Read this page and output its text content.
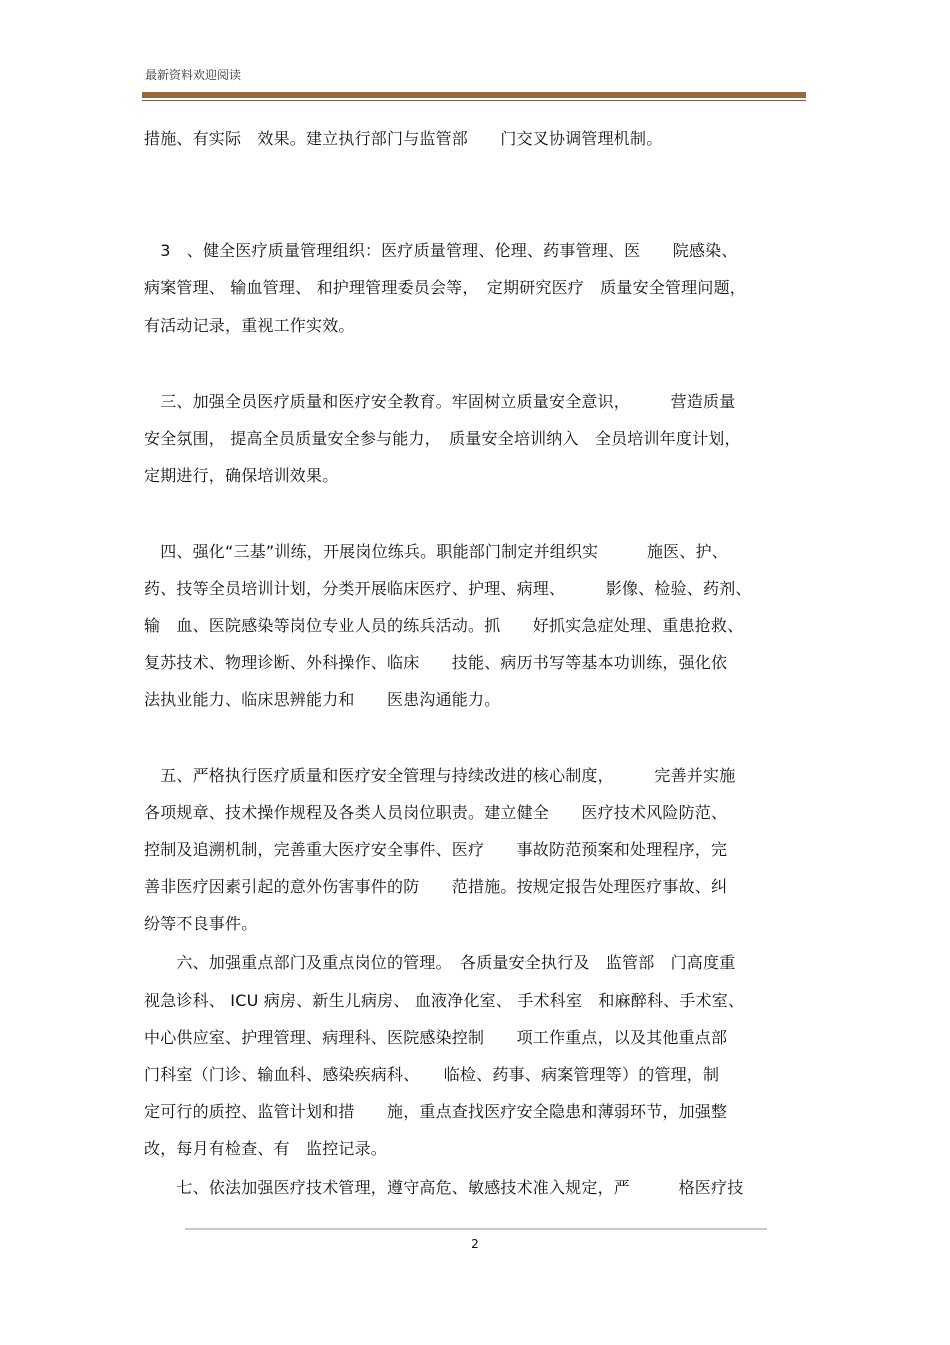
最新资料欢迎阅读
措施、有实际　效果。建立执行部门与监管部　　门交叉协调管理机制。
　3　、健全医疗质量管理组织：医疗质量管理、伦理、药事管理、医　　院感染、
病案管理、 输血管理、 和护理管理委员会等，　定期研究医疗　质量安全管理问题，
有活动记录，重视工作实效。
　三、加强全员医疗质量和医疗安全教育。牢固树立质量安全意识，　　　营造质量
安全氛围， 提高全员质量安全参与能力，　质量安全培训纳入　全员培训年度计划，
定期进行，确保培训效果。
　四、强化“三基”训练，开展岗位练兵。职能部门制定并组织实　　　施医、护、
药、技等全员培训计划，分类开展临床医疗、护理、病理、　　　影像、检验、药剂、
输　血、医院感染等岗位专业人员的练兵活动。抓　　好抓实急症处理、重患抢救、
复苏技术、物理诊断、外科操作、临床　　技能、病历书写等基本功训练，强化依
法执业能力、临床思辨能力和　　医患沟通能力。
　五、严格执行医疗质量和医疗安全管理与持续改进的核心制度，　　　完善并实施
各项规章、技术操作规程及各类人员岗位职责。建立健全　　医疗技术风险防范、
控制及追溯机制，完善重大医疗安全事件、医疗　　事故防范预案和处理程序，完
善非医疗因素引起的意外伤害事件的防　　范措施。按规定报告处理医疗事故、纠
纷等不良事件。
　　六、加强重点部门及重点岗位的管理。　各质量安全执行及　监管部　门高度重
视急诊科、 ICU 病房、新生儿病房、 血液净化室、 手术科室　和麻醉科、手术室、
中心供应室、护理管理、病理科、医院感染控制　　项工作重点，以及其他重点部
门科室（门诊、输血科、感染疾病科、　　临检、药事、病案管理等）的管理，制
定可行的质控、监管计划和措　　施，重点查找医疗安全隐患和薄弱环节，加强整
改，每月有检查、有　监控记录。
　　七、依法加强医疗技术管理，遵守高危、敏感技术准入规定，严　　　格医疗技
2
